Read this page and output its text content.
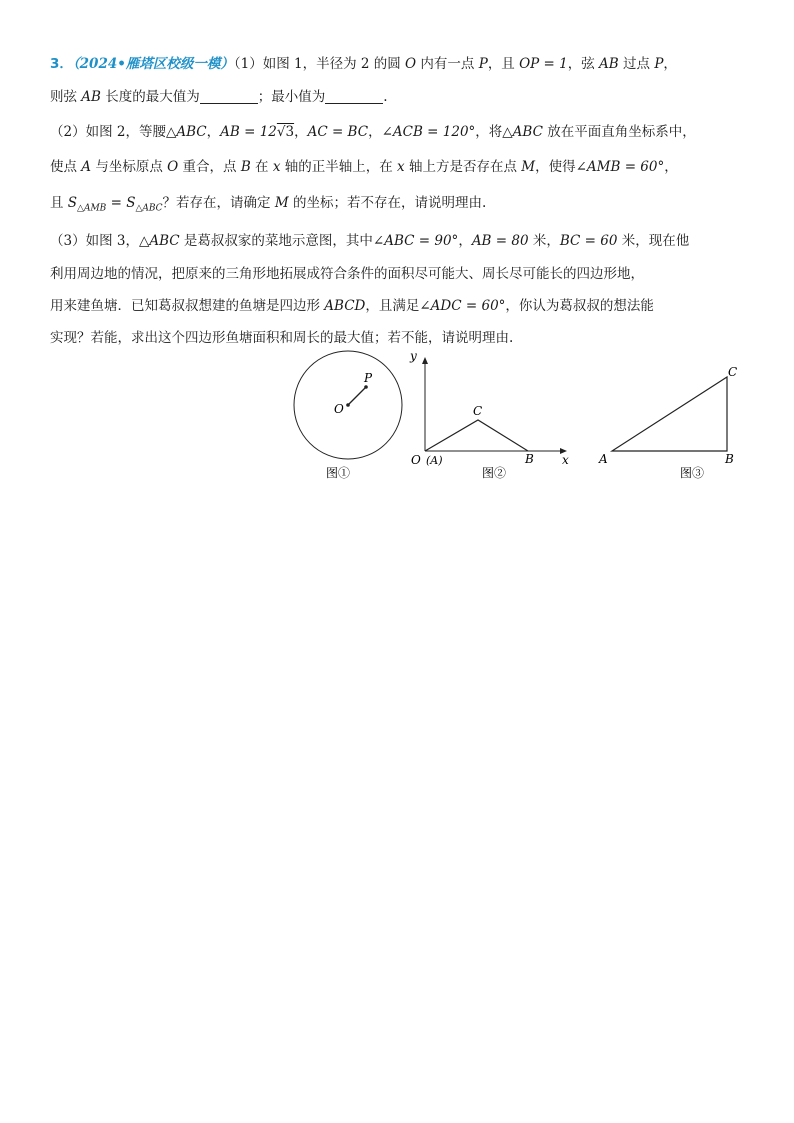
3．（2024•雁塔区校级一模）（1）如图 1，半径为 2 的圆 O 内有一点 P，且 OP = 1，弦 AB 过点 P，
则弦 AB 长度的最大值为	；最小值为	.
（2）如图 2，等腰△ABC，AB = 12√3，AC = BC，∠ACB = 120°，将△ABC 放在平面直角坐标系中，
使点 A 与坐标原点 O 重合，点 B 在 x 轴的正半轴上，在 x 轴上方是否存在点 M，使得∠AMB = 60°，
且 $S_{\triangle AMB} = S_{\triangle ABC}$？若存在，请确定 M 的坐标；若不存在，请说明理由.
（3）如图 3，△ABC 是葛叔叔家的菜地示意图，其中∠ABC = 90°，AB = 80 米，BC = 60 米，现在他
利用周边地的情况，把原来的三角形地拓展成符合条件的面积尽可能大、周长尽可能长的四边形地，
用来建鱼塘．已知葛叔叔想建的鱼塘是四边形 ABCD，且满足∠ADC = 60°，你认为葛叔叔的想法能
实现？若能，求出这个四边形鱼塘面积和周长的最大值；若不能，请说明理由.
O
P
图①
y
x
O (A)	B
C
图②
A	B
C
图③
